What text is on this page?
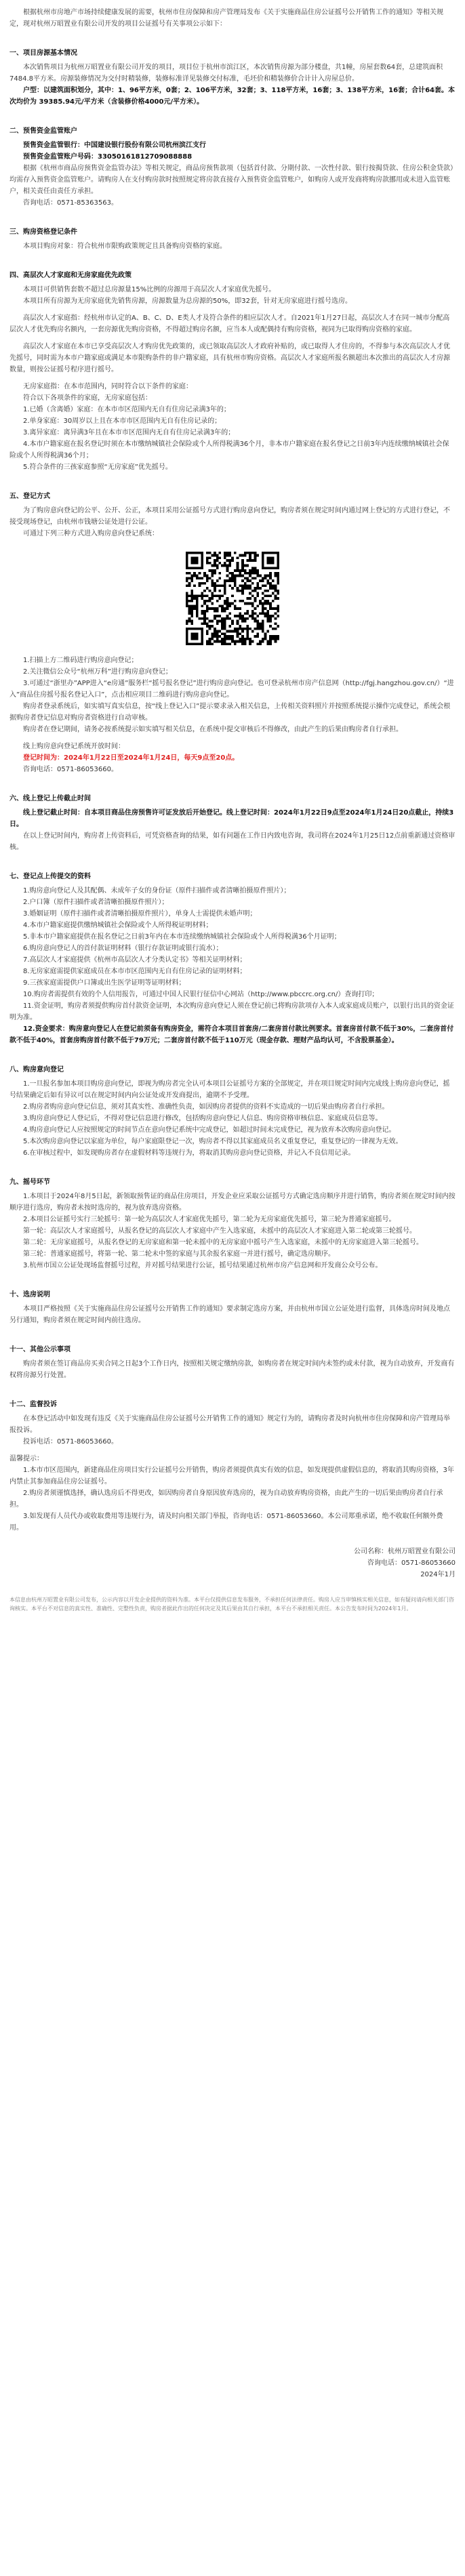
根据杭州市房地产市场持续健康发展的需要，杭州市住房保障和房产管理局发布《关于实施商品住房公证摇号公开销售工作的通知》等相关规定，现对杭州万昭置业有限公司开发的项目公证摇号有关事项公示如下：

一、项目房源基本情况

本次销售项目为杭州万昭置业有限公司开发的项目，项目位于杭州市滨江区，本次销售房源为部分楼盘，共1幢，房屋套数64套，总建筑面积7484.8平方米。房源装修情况为交付时精装修，装修标准详见装修交付标准，毛坯价和精装修价合计计入房屋总价。

户型：以建筑面积划分，其中：1、96平方米，0套；2、106平方米，32套；3、118平方米，16套；3、138平方米，16套；合计64套。本次均价为 39385.94元/平方米（含装修价格4000元/平方米）。

二、预售资金监管账户

预售资金监管银行：中国建设银行股份有限公司杭州滨江支行

预售资金监管账户号码：33050161812709088888

根据《杭州市商品房预售资金监管办法》等相关规定，商品房预售款项（包括首付款、分期付款、一次性付款、银行按揭贷款、住房公积金贷款）均需存入预售资金监管账户。请购房人在支付购房款时按照规定将房款直接存入预售资金监管账户，如购房人或开发商将购房款挪用或未进入监管账户，相关责任由责任方承担。

咨询电话：0571-85363563。

三、购房资格登记条件

本项目购房对象：符合杭州市限购政策规定且具备购房资格的家庭。

四、高层次人才家庭和无房家庭优先政策

本项目可供销售套数不超过总房源量15%比例的房源用于高层次人才家庭优先摇号。

本项目所有房源为无房家庭优先销售房源，房源数量为总房源的50%，即32套，针对无房家庭进行摇号选房。

高层次人才家庭指：经杭州市认定的A、B、C、D、E类人才及符合条件的相应层次人才。自2021年1月27日起，高层次人才在同一城市分配高层次人才优先购房名额内，一套房源优先购房资格，不得超过购房名额，应当本人或配偶持有购房资格，视同为已取得购房资格的家庭。

高层次人才家庭在本市已享受高层次人才购房优先政策的，或已领取高层次人才政府补贴的，或已取得人才住房的，不得参与本次高层次人才优先摇号，同时需为本市户籍家庭或满足本市限购条件的非户籍家庭，具有杭州市购房资格。高层次人才家庭所报名额超出本次推出的高层次人才房源数量，则按公证摇号程序进行摇号。

无房家庭指：在本市范围内，同时符合以下条件的家庭：

符合以下各项条件的家庭，无房家庭包括：

1.已婚（含离婚）家庭：在本市市区范围内无自有住房记录满3年的；

2.单身家庭：30周岁以上且在本市市区范围内无自有住房记录的；

3.离异家庭：离异满3年且在本市市区范围内无自有住房记录满3年的；

4.本市户籍家庭在报名登记时须在本市缴纳城镇社会保险或个人所得税满36个月，非本市户籍家庭在报名登记之日前3年内连续缴纳城镇社会保险或个人所得税满36个月；

5.符合条件的三孩家庭参照“无房家庭”优先摇号。

五、登记方式

为了购房意向登记的公平、公开、公正，本项目采用公证摇号方式进行购房意向登记，购房者须在规定时间内通过网上登记的方式进行登记，不接受现场登记，由杭州市钱塘公证处进行公证。

可通过下列三种方式进入购房意向登记系统：

1.扫描上方二维码进行购房意向登记；

2.关注微信公众号“杭州万科”进行购房意向登记；

3.可通过“浙里办”APP进入“e房通”服务栏“摇号报名登记”进行购房意向登记。也可登录杭州市房产信息网（http://fgj.hangzhou.gov.cn/）“进入”商品住房摇号报名登记入口”，点击相应项目二维码进行购房意向登记。

购房者登录系统后，如实填写真实信息，按“线上登记入口”提示要求录入相关信息，上传相关资料照片并按照系统提示操作完成登记，系统会根据购房者登记信息对购房者资格进行自动审核。

购房者在登记期间，请务必按系统提示如实填写相关信息，在系统中提交审核后不得修改，由此产生的后果由购房者自行承担。

线上购房意向登记系统开放时间：

登记时间为：2024年1月22日至2024年1月24日，每天9点至20点。

咨询电话：0571-86053660。

六、线上登记上传截止时间

线上登记截止时间：自本项目商品住房预售许可证发放后开始登记。线上登记时间：2024年1月22日9点至2024年1月24日20点截止，持续3日。

在以上登记时间内，购房者上传资料后，可凭资格查询的结果，如有问题在工作日内致电咨询，我司将在2024年1月25日12点前重新通过资格审核。

七、登记点上传提交的资料

1.购房意向登记人及其配偶、未成年子女的身份证（原件扫描件或者清晰拍摄原件照片）；

2.户口簿（原件扫描件或者清晰拍摄原件照片）；

3.婚姻证明（原件扫描件或者清晰拍摄原件照片），单身人士需提供未婚声明；

4.本市户籍家庭提供缴纳城镇社会保险或个人所得税证明材料；

5.非本市户籍家庭提供在报名登记之日前3年内在本市连续缴纳城镇社会保险或个人所得税满36个月证明；

6.购房意向登记人的首付款证明材料（银行存款证明或银行流水）；

7.高层次人才家庭提供《杭州市高层次人才分类认定书》等相关证明材料；

8.无房家庭需提供家庭成员在本市市区范围内无自有住房记录的证明材料；

9.三孩家庭需提供户口簿或出生医学证明等证明材料；

10.购房者需提供有效的个人信用报告，可通过中国人民银行征信中心网站（http://www.pbccrc.org.cn/）查询打印；

11.资金证明，购房者须提供购房首付款资金证明，本次购房意向登记人须在登记前已将购房款项存入本人或家庭成员账户，以银行出具的资金证明为准。

12.资金要求：购房意向登记人在登记前须备有购房资金，需符合本项目首套房/二套房首付款比例要求。首套房首付款不低于30%，二套房首付款不低于40%，首套房购房首付款不低于79万元；二套房首付款不低于110万元（现金存款、理财产品均认可，不含股票基金）。

八、购房意向登记

1.一旦报名参加本项目购房意向登记，即视为购房者完全认可本项目公证摇号方案的全部规定，并在项目规定时间内完成线上购房意向登记，摇号结果确定后如有异议可以在规定时间内向公证处或开发商提出，逾期不予受理。

2.购房者购房意向登记信息，须对其真实性、准确性负责，如因购房者提供的资料不实造成的一切后果由购房者自行承担。

3.购房意向登记人登记后，不得对登记信息进行修改，包括购房意向登记人信息、购房资格审核信息、家庭成员信息等。

4.购房意向登记人应按照规定的时间节点在意向登记系统中完成登记，如超过时间未完成登记，视为放弃本次购房意向登记。

5.本次购房意向登记以家庭为单位，每户家庭限登记一次，购房者不得以其家庭成员名义重复登记，重复登记的一律视为无效。

6.在审核过程中，如发现购房者存在虚假材料等违规行为，将取消其购房意向登记资格，并记入不良信用记录。

九、摇号环节

1.本项目于2024年8月5日起，新领取预售证的商品住房项目，开发企业应采取公证摇号方式确定选房顺序并进行销售，购房者须在规定时间内按顺序进行选房，购房者未按时选房的，视为放弃选房资格。

2.本项目公证摇号实行三轮摇号：第一轮为高层次人才家庭优先摇号，第二轮为无房家庭优先摇号，第三轮为普通家庭摇号。

第一轮：高层次人才家庭摇号，从报名登记的高层次人才家庭中产生入选家庭，未摇中的高层次人才家庭进入第二轮或第三轮摇号。

第二轮：无房家庭摇号，从报名登记的无房家庭和第一轮未摇中的无房家庭中摇号产生入选家庭，未摇中的无房家庭进入第三轮摇号。

第三轮：普通家庭摇号，将第一轮、第二轮未中签的家庭与其余报名家庭一并进行摇号，确定选房顺序。

3.杭州市国立公证处现场监督摇号过程，并对摇号结果进行公证，摇号结果通过杭州市房产信息网和开发商公众号公布。

十、选房说明

本项目严格按照《关于实施商品住房公证摇号公开销售工作的通知》要求制定选房方案，并由杭州市国立公证处进行监督，具体选房时间及地点另行通知，购房者须在规定时间内前往选房。

十一、其他公示事项

购房者须在签订商品房买卖合同之日起3个工作日内，按照相关规定缴纳房款，如购房者在规定时间内未签约或未付款，视为自动放弃，开发商有权将房源另行处置。

十二、监督投诉

在本登记活动中如发现有违反《关于实施商品住房公证摇号公开销售工作的通知》规定行为的，请购房者及时向杭州市住房保障和房产管理局举报投诉。

投诉电话：0571-86053660。

温馨提示：

1.本市市区范围内，新建商品住房项目实行公证摇号公开销售，购房者须提供真实有效的信息，如发现提供虚假信息的，将取消其购房资格，3年内禁止其参加商品住房公证摇号。

2.购房者须谨慎选择，确认选房后不得更改，如因购房者自身原因放弃选房的，视为自动放弃购房资格，由此产生的一切后果由购房者自行承担。

3.如发现有人员代办或收取费用等违规行为，请及时向相关部门举报，咨询电话：0571-86053660。本公司郑重承诺，绝不收取任何额外费用。

公司名称：杭州万昭置业有限公司

咨询电话：0571-86053660

2024年1月

本信息由杭州万昭置业有限公司发布，公示内容以开发企业提供的资料为准。本平台仅提供信息发布服务，不承担任何法律责任。购房人应当审慎核实相关信息，如有疑问请向相关部门咨询核实。本平台不对信息的真实性、准确性、完整性负责，购房者据此作出的任何决定及其后果由其自行承担，本平台不承担相关责任。本公告发布时间为2024年1月。
